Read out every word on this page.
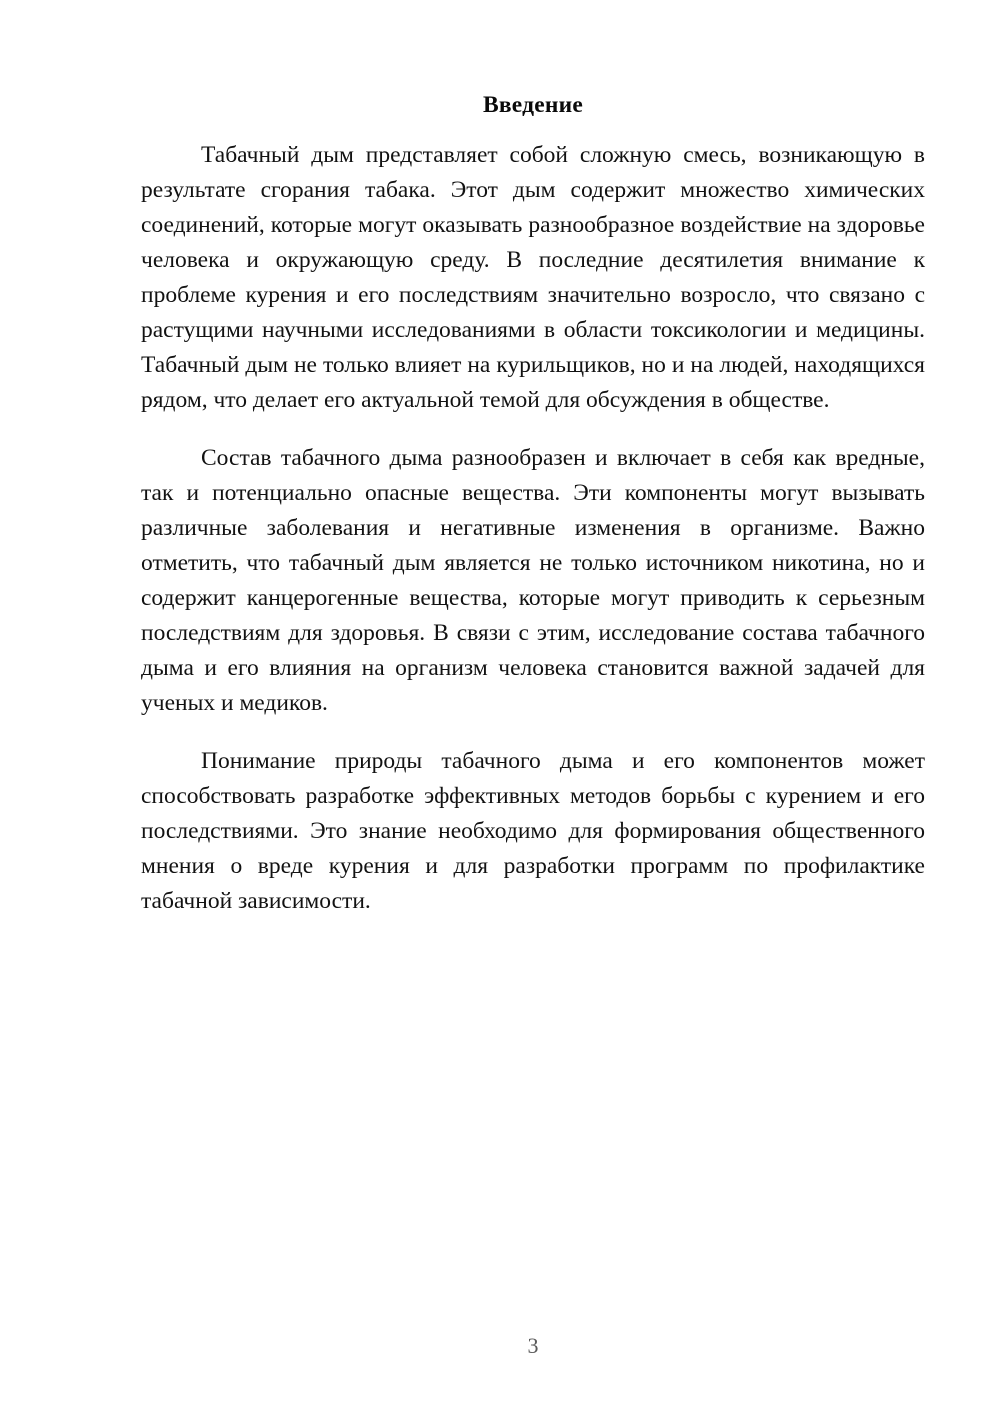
Введение

Табачный дым представляет собой сложную смесь, возникающую в результате сгорания табака. Этот дым содержит множество химических соединений, которые могут оказывать разнообразное воздействие на здоровье человека и окружающую среду. В последние десятилетия внимание к проблеме курения и его последствиям значительно возросло, что связано с растущими научными исследованиями в области токсикологии и медицины. Табачный дым не только влияет на курильщиков, но и на людей, находящихся рядом, что делает его актуальной темой для обсуждения в обществе.

Состав табачного дыма разнообразен и включает в себя как вредные, так и потенциально опасные вещества. Эти компоненты могут вызывать различные заболевания и негативные изменения в организме. Важно отметить, что табачный дым является не только источником никотина, но и содержит канцерогенные вещества, которые могут приводить к серьезным последствиям для здоровья. В связи с этим, исследование состава табачного дыма и его влияния на организм человека становится важной задачей для ученых и медиков.

Понимание природы табачного дыма и его компонентов может способствовать разработке эффективных методов борьбы с курением и его последствиями. Это знание необходимо для формирования общественного мнения о вреде курения и для разработки программ по профилактике табачной зависимости.

3
